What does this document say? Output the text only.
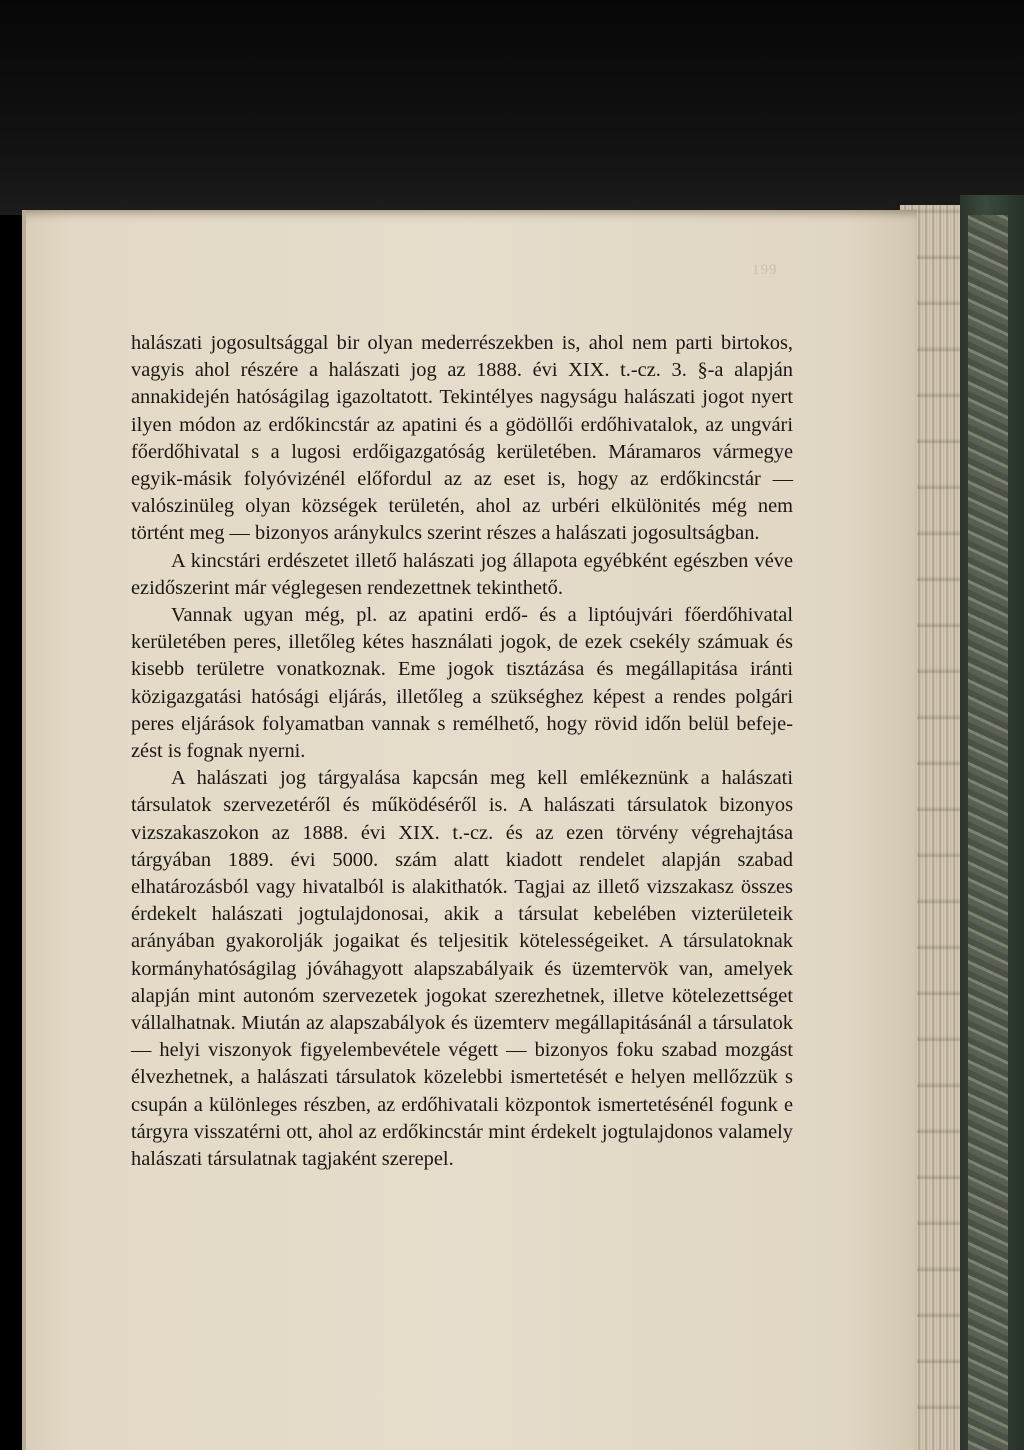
199

halászati jogosultsággal bir olyan mederrészekben is, ahol nem parti birtokos, vagyis ahol részére a halászati jog az 1888. évi XIX. t.-cz. 3. §-a alapján annakidején hatóságilag igazoltatott. Tekintélyes nagyságu halászati jogot nyert ilyen módon az erdőkincstár az apatini és a gödöllői erdőhivatalok, az ungvári főerdőhivatal s a lugosi erdőigazgatóság kerületében. Máramaros vármegye egyik-másik folyóvizénél előfordul az az eset is, hogy az erdőkincstár — valószinüleg olyan községek területén, ahol az urbéri elkülönités még nem történt meg — bizonyos aránykulcs szerint részes a halászati jogosultságban.

A kincstári erdészetet illető halászati jog állapota egyébként egészben véve ezidőszerint már véglegesen rendezettnek tekinthető.

Vannak ugyan még, pl. az apatini erdő- és a liptóujvári főerdőhivatal kerületében peres, illetőleg kétes használati jogok, de ezek csekély számuak és kisebb területre vonatkoznak. Eme jogok tisztázása és megállapitása iránti közigazgatási hatósági eljárás, illetőleg a szükséghez képest a rendes polgári peres eljárások folyamatban vannak s remélhető, hogy rövid időn belül befejezést is fognak nyerni.

A halászati jog tárgyalása kapcsán meg kell emlékeznünk a halászati társulatok szervezetéről és működéséről is. A halászati társulatok bizonyos vizszakaszokon az 1888. évi XIX. t.-cz. és az ezen törvény végrehajtása tárgyában 1889. évi 5000. szám alatt kiadott rendelet alapján szabad elhatározásból vagy hivatalból is alakithatók. Tagjai az illető vizszakasz összes érdekelt halászati jogtulajdonosai, akik a társulat kebelében vizterületeik arányában gyakorolják jogaikat és teljesitik kötelességeiket. A társulatoknak kormányhatóságilag jóváhagyott alapszabályaik és üzemtervök van, amelyek alapján mint autonóm szervezetek jogokat szerezhetnek, illetve kötelezettséget vállalhatnak. Miután az alapszabályok és üzemterv megállapitásánál a társulatok — helyi viszonyok figyelembevétele végett — bizonyos foku szabad mozgást élvezhetnek, a halászati társulatok közelebbi ismertetését e helyen mellőzzük s csupán a különleges részben, az erdőhivatali központok ismertetésénél fogunk e tárgyra visszatérni ott, ahol az erdőkincstár mint érdekelt jogtulajdonos valamely halászati társulatnak tagjaként szerepel.
